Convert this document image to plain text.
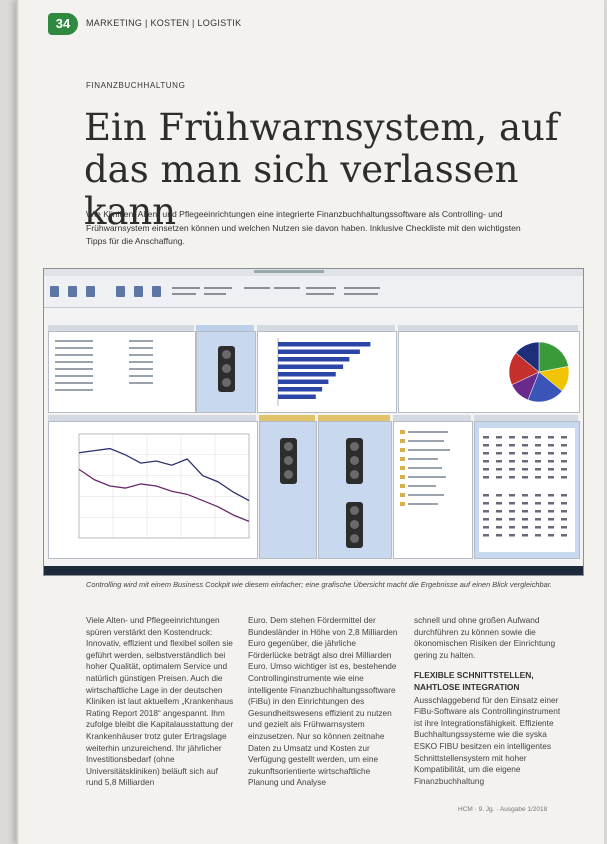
34	MARKETING | KOSTEN | LOGISTIK
FINANZBUCHHALTUNG
Ein Frühwarnsystem, auf das man sich verlassen kann

Wie Kliniken, Alten- und Pflegeeinrichtungen eine integrierte Finanzbuchhaltungssoftware als Controlling- und Frühwarnsystem einsetzen können und welchen Nutzen sie davon haben. Inklusive Checkliste mit den wichtigsten Tipps für die Anschaffung.

Controlling wird mit einem Business Cockpit wie diesem einfacher; eine grafische Übersicht macht die Ergebnisse auf einen Blick vergleichbar.

Viele Alten- und Pflegeeinrichtungen spüren verstärkt den Kostendruck: Innovativ, effizient und flexibel sollen sie geführt werden, selbstverständlich bei hoher Qualität, optimalem Service und natürlich günstigen Preisen. Auch die wirtschaftliche Lage in der deutschen Kliniken ist laut aktuellem „Krankenhaus Rating Report 2018“ angespannt. Ihm zufolge bleibt die Kapitalausstattung der Krankenhäuser trotz guter Ertragslage weiterhin unzureichend. Ihr jährlicher Investitionsbedarf (ohne Universitätskliniken) beläuft sich auf rund 5,8 Milliarden

Euro. Dem stehen Fördermittel der Bundesländer in Höhe von 2,8 Milliarden Euro gegenüber, die jährliche Förderlücke beträgt also drei Milliarden Euro. Umso wichtiger ist es, bestehende Controllinginstrumente wie eine intelligente Finanzbuchhaltungssoftware (FiBu) in den Einrichtungen des Gesundheitswesens effizient zu nutzen und gezielt als Frühwarnsystem einzusetzen. Nur so können zeitnahe Daten zu Umsatz und Kosten zur Verfügung gestellt werden, um eine zukunftsorientierte wirtschaftliche Planung und Analyse

schnell und ohne großen Aufwand durchführen zu können sowie die ökonomischen Risiken der Einrichtung gering zu halten.
FLEXIBLE SCHNITTSTELLEN, NAHTLOSE INTEGRATION
Ausschlaggebend für den Einsatz einer FiBu-Software als Controllinginstrument ist ihre Integrationsfähigkeit. Effiziente Buchhaltungssysteme wie die syska ESKO FIBU besitzen ein intelligentes Schnittstellensystem mit hoher Kompatibilität, um die eigene Finanzbuchhaltung
HCM · 9. Jg. · Ausgabe 1/2018
